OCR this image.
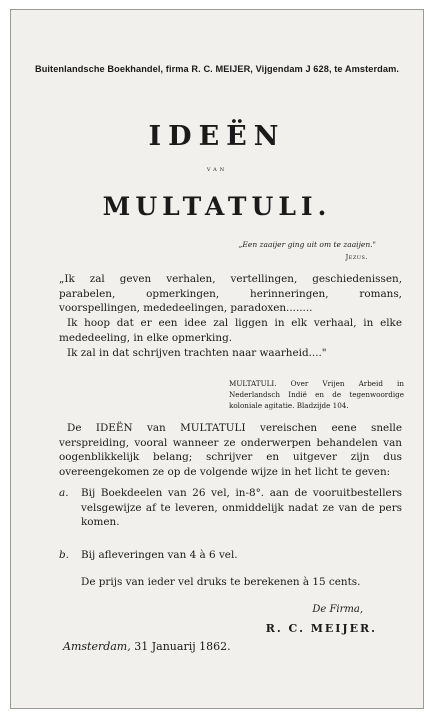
Buitenlandsche Boekhandel, firma R. C. MEIJER, Vijgendam J 628, te Amsterdam.

IDEËN

VAN

MULTATULI.

„Een zaaijer ging uit om te zaaijen."

Jezus.

„Ik zal geven verhalen, vertellingen, geschiedenissen, parabelen, opmerkingen, herinneringen, romans, voorspellingen, mededeelingen, paradoxen........

Ik hoop dat er een idee zal liggen in elk verhaal, in elke mededeeling, in elke opmerking.

Ik zal in dat schrijven trachten naar waarheid...."

MULTATULI. Over Vrijen Arbeid in Nederlandsch Indië en de tegenwoordige koloniale agitatie. Bladzijde 104.

De IDEËN van MULTATULI vereischen eene snelle verspreiding, vooral wanneer ze onderwerpen behandelen van oogenblikkelijk belang; schrijver en uitgever zijn dus overeengekomen ze op de volgende wijze in het licht te geven:

a. Bij Boekdeelen van 26 vel, in-8°. aan de vooruitbestellers velsgewijze af te leveren, onmiddelijk nadat ze van de pers komen.
b. Bij afleveringen van 4 à 6 vel.

De prijs van ieder vel druks te berekenen à 15 cents.

De Firma,

R. C. MEIJER.

Amsterdam, 31 Januarij 1862.
